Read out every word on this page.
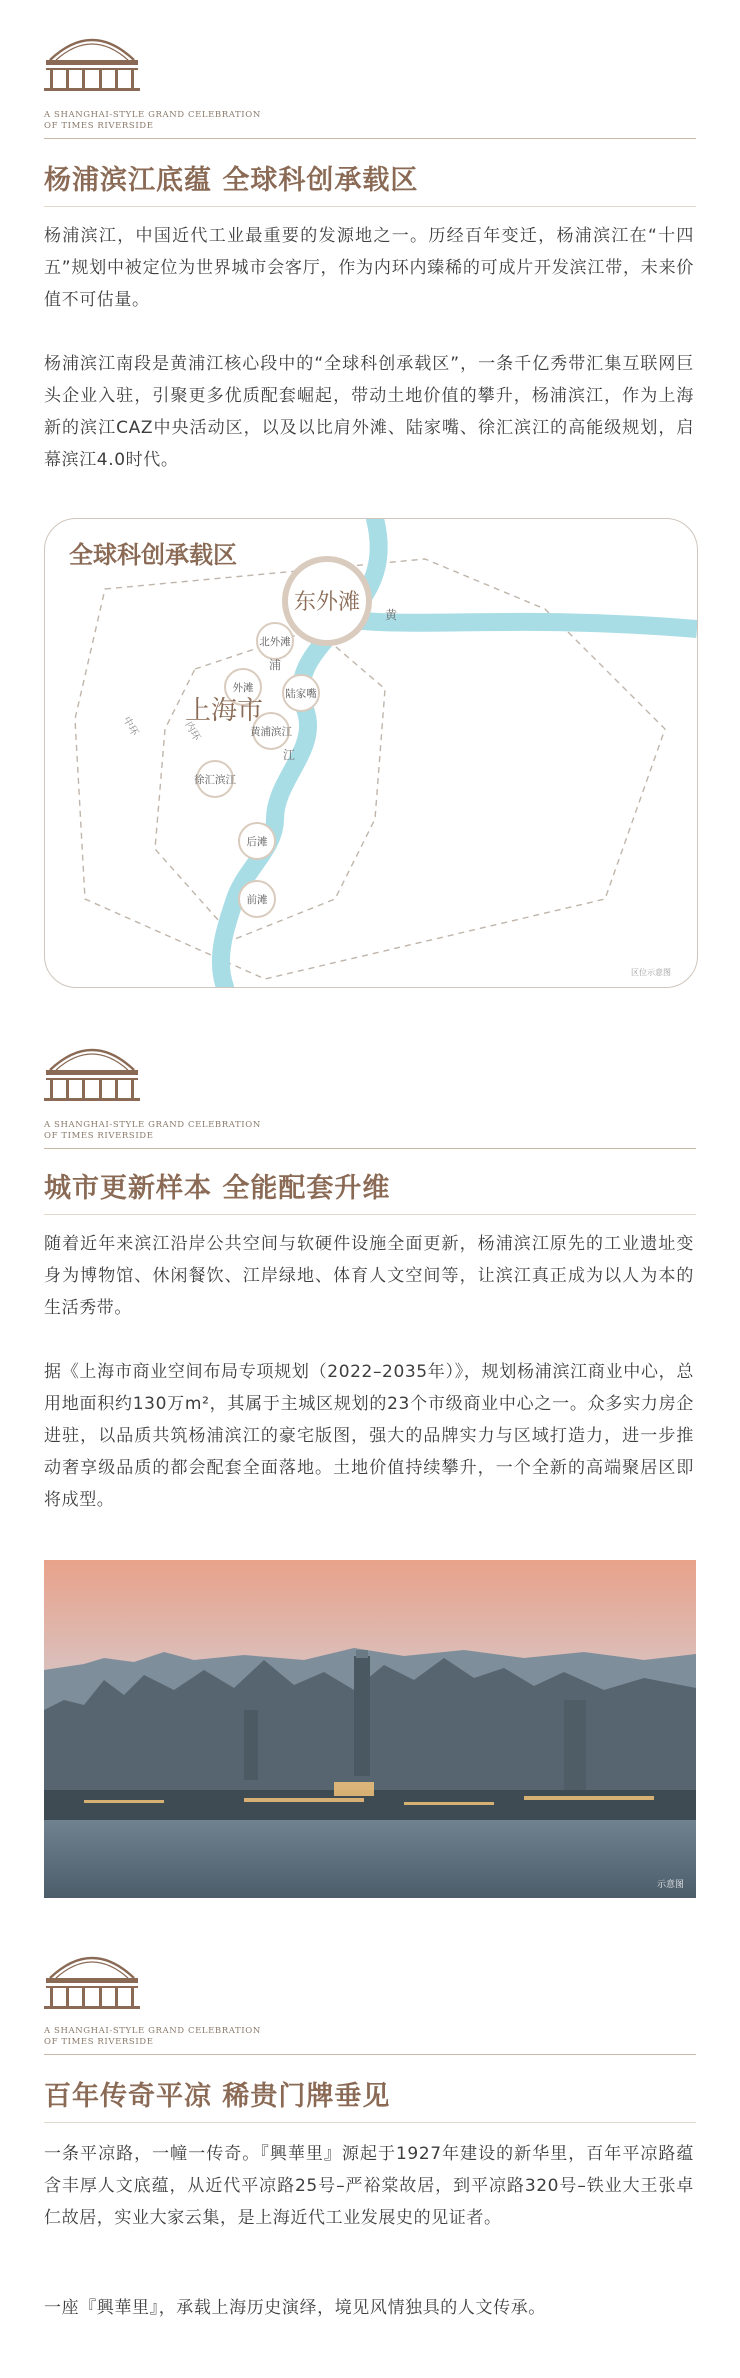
A SHANGHAI-STYLE GRAND CELEBRATION
OF TIMES RIVERSIDE
杨浦滨江底蕴 全球科创承载区
杨浦滨江，中国近代工业最重要的发源地之一。历经百年变迁，杨浦滨江在“十四五”规划中被定位为世界城市会客厅，作为内环内臻稀的可成片开发滨江带，未来价值不可估量。
杨浦滨江南段是黄浦江核心段中的“全球科创承载区”，一条千亿秀带汇集互联网巨头企业入驻，引聚更多优质配套崛起，带动土地价值的攀升，杨浦滨江，作为上海新的滨江CAZ中央活动区，以及以比肩外滩、陆家嘴、徐汇滨江的高能级规划，启幕滨江4.0时代。
东外滩
北外滩
外滩	陆家嘴
黄浦滨江
徐汇滨江
后滩
前滩
黄
浦
江
中环	内环
全球科创承载区
上海市
区位示意图
A SHANGHAI-STYLE GRAND CELEBRATION
OF TIMES RIVERSIDE
城市更新样本 全能配套升维
随着近年来滨江沿岸公共空间与软硬件设施全面更新，杨浦滨江原先的工业遗址变身为博物馆、休闲餐饮、江岸绿地、体育人文空间等，让滨江真正成为以人为本的生活秀带。
据《上海市商业空间布局专项规划（2022–2035年）》，规划杨浦滨江商业中心，总用地面积约130万m²，其属于主城区规划的23个市级商业中心之一。众多实力房企进驻，以品质共筑杨浦滨江的豪宅版图，强大的品牌实力与区域打造力，进一步推动奢享级品质的都会配套全面落地。土地价值持续攀升，一个全新的高端聚居区即将成型。
示意图
A SHANGHAI-STYLE GRAND CELEBRATION
OF TIMES RIVERSIDE
百年传奇平凉 稀贵门牌垂见
一条平凉路，一幢一传奇。『興華里』源起于1927年建设的新华里，百年平凉路蕴含丰厚人文底蕴，从近代平凉路25号–严裕棠故居，到平凉路320号–铁业大王张卓仁故居，实业大家云集，是上海近代工业发展史的见证者。
一座『興華里』，承载上海历史演绎，境见风情独具的人文传承。
